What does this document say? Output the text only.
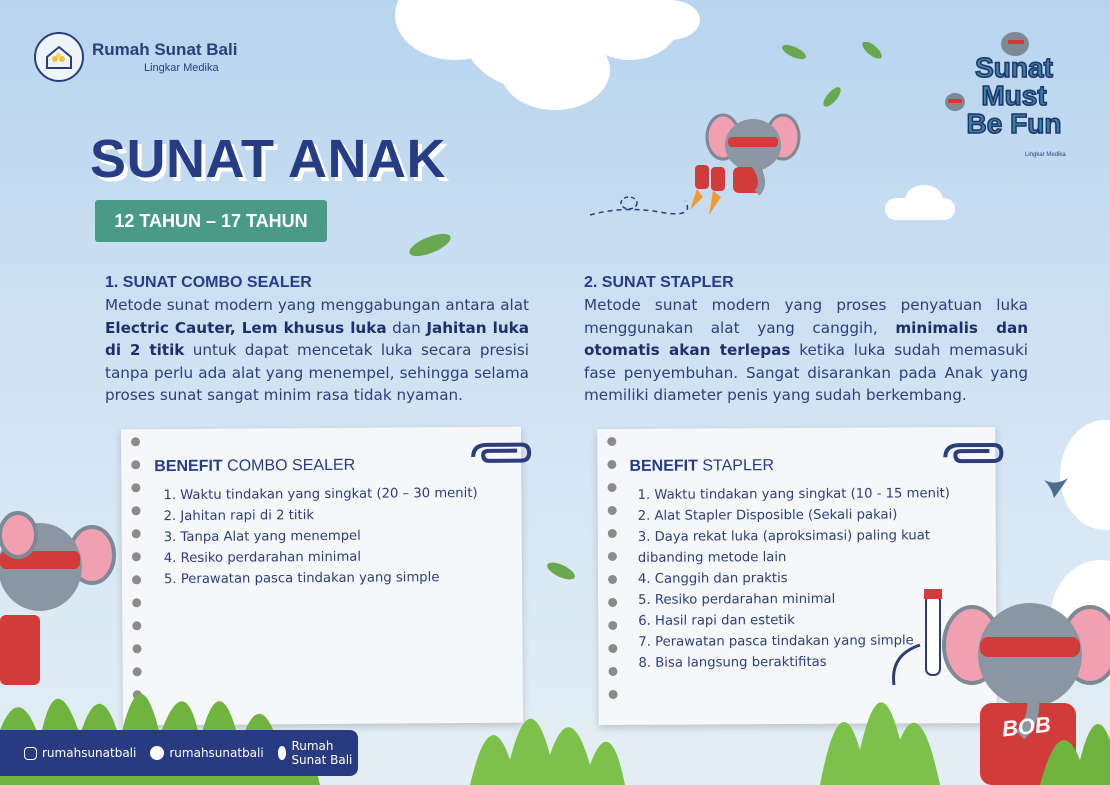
Rumah Sunat Bali
Lingkar Medika	Sunat
Must
Be Fun
Lingkar Medika
SUNAT ANAK
12 TAHUN – 17 TAHUN
1. SUNAT COMBO SEALER

Metode sunat modern yang menggabungan antara alat Electric Cauter, Lem khusus luka dan Jahitan luka di 2 titik untuk dapat mencetak luka secara presisi tanpa perlu ada alat yang menempel, sehingga selama proses sunat sangat minim rasa tidak nyaman.

2. SUNAT STAPLER

Metode sunat modern yang proses penyatuan luka menggunakan alat yang canggih, minimalis dan otomatis akan terlepas ketika luka sudah memasuki fase penyembuhan. Sangat disarankan pada Anak yang memiliki diameter penis yang sudah berkembang.

BENEFIT COMBO SEALER
1. Waktu tindakan yang singkat (20 – 30 menit)
2. Jahitan rapi di 2 titik
3. Tanpa Alat yang menempel
4. Resiko perdarahan minimal
5. Perawatan pasca tindakan yang simple
BENEFIT STAPLER
1. Waktu tindakan yang singkat (10 - 15 menit)
2. Alat Stapler Disposible (Sekali pakai)
3. Daya rekat luka (aproksimasi) paling kuat
dibanding metode lain
4. Canggih dan praktis
5. Resiko perdarahan minimal
6. Hasil rapi dan estetik
7. Perawatan pasca tindakan yang simple
8. Bisa langsung beraktifitas
BOB
rumahsunatbali	rumahsunatbali Rumah Sunat Bali
